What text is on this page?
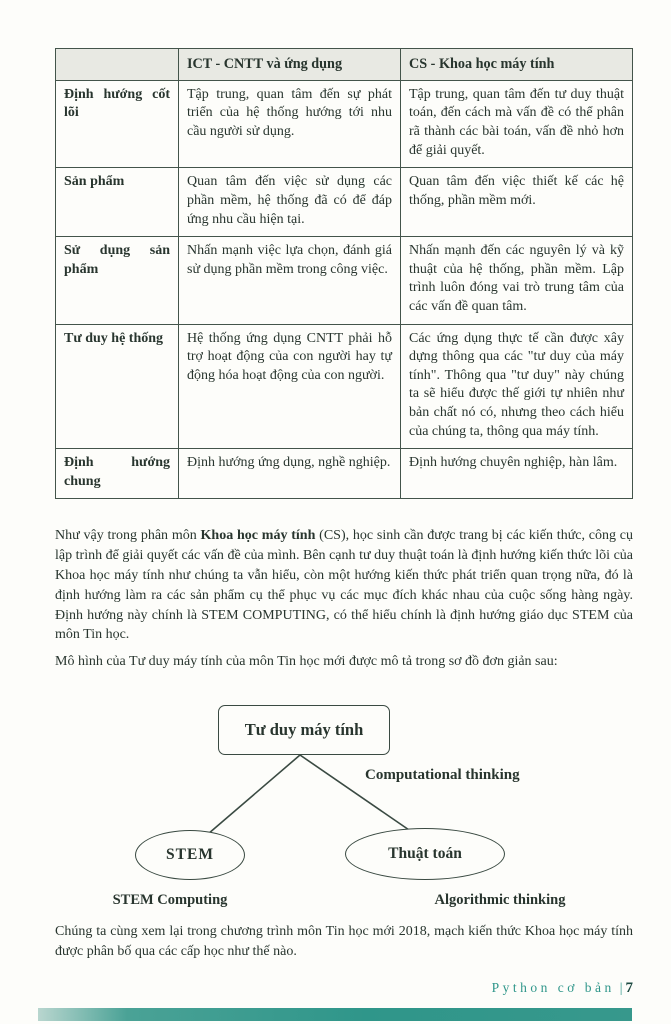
	ICT - CNTT và ứng dụng	CS - Khoa học máy tính
Định hướng cốt lõi	Tập trung, quan tâm đến sự phát triển của hệ thống hướng tới nhu cầu người sử dụng.	Tập trung, quan tâm đến tư duy thuật toán, đến cách mà vấn đề có thể phân rã thành các bài toán, vấn đề nhỏ hơn để giải quyết.
Sản phẩm	Quan tâm đến việc sử dụng các phần mềm, hệ thống đã có để đáp ứng nhu cầu hiện tại.	Quan tâm đến việc thiết kế các hệ thống, phần mềm mới.
Sử dụng sản phẩm	Nhấn mạnh việc lựa chọn, đánh giá sử dụng phần mềm trong công việc.	Nhấn mạnh đến các nguyên lý và kỹ thuật của hệ thống, phần mềm. Lập trình luôn đóng vai trò trung tâm của các vấn đề quan tâm.
Tư duy hệ thống	Hệ thống ứng dụng CNTT phải hỗ trợ hoạt động của con người hay tự động hóa hoạt động của con người.	Các ứng dụng thực tế cần được xây dựng thông qua các "tư duy của máy tính". Thông qua "tư duy" này chúng ta sẽ hiểu được thế giới tự nhiên như bản chất nó có, nhưng theo cách hiểu của chúng ta, thông qua máy tính.
Định hướng chung	Định hướng ứng dụng, nghề nghiệp.	Định hướng chuyên nghiệp, hàn lâm.

Như vậy trong phân môn Khoa học máy tính (CS), học sinh cần được trang bị các kiến thức, công cụ lập trình để giải quyết các vấn đề của mình. Bên cạnh tư duy thuật toán là định hướng kiến thức lõi của Khoa học máy tính như chúng ta vẫn hiểu, còn một hướng kiến thức phát triển quan trọng nữa, đó là định hướng làm ra các sản phẩm cụ thể phục vụ các mục đích khác nhau của cuộc sống hàng ngày. Định hướng này chính là STEM COMPUTING, có thể hiểu chính là định hướng giáo dục STEM của môn Tin học.

Mô hình của Tư duy máy tính của môn Tin học mới được mô tả trong sơ đồ đơn giản sau:

Tư duy máy tính
Computational thinking
STEM	Thuật toán
STEM Computing	Algorithmic thinking

Chúng ta cùng xem lại trong chương trình môn Tin học mới 2018, mạch kiến thức Khoa học máy tính được phân bố qua các cấp học như thế nào.

Python cơ bản | 7
